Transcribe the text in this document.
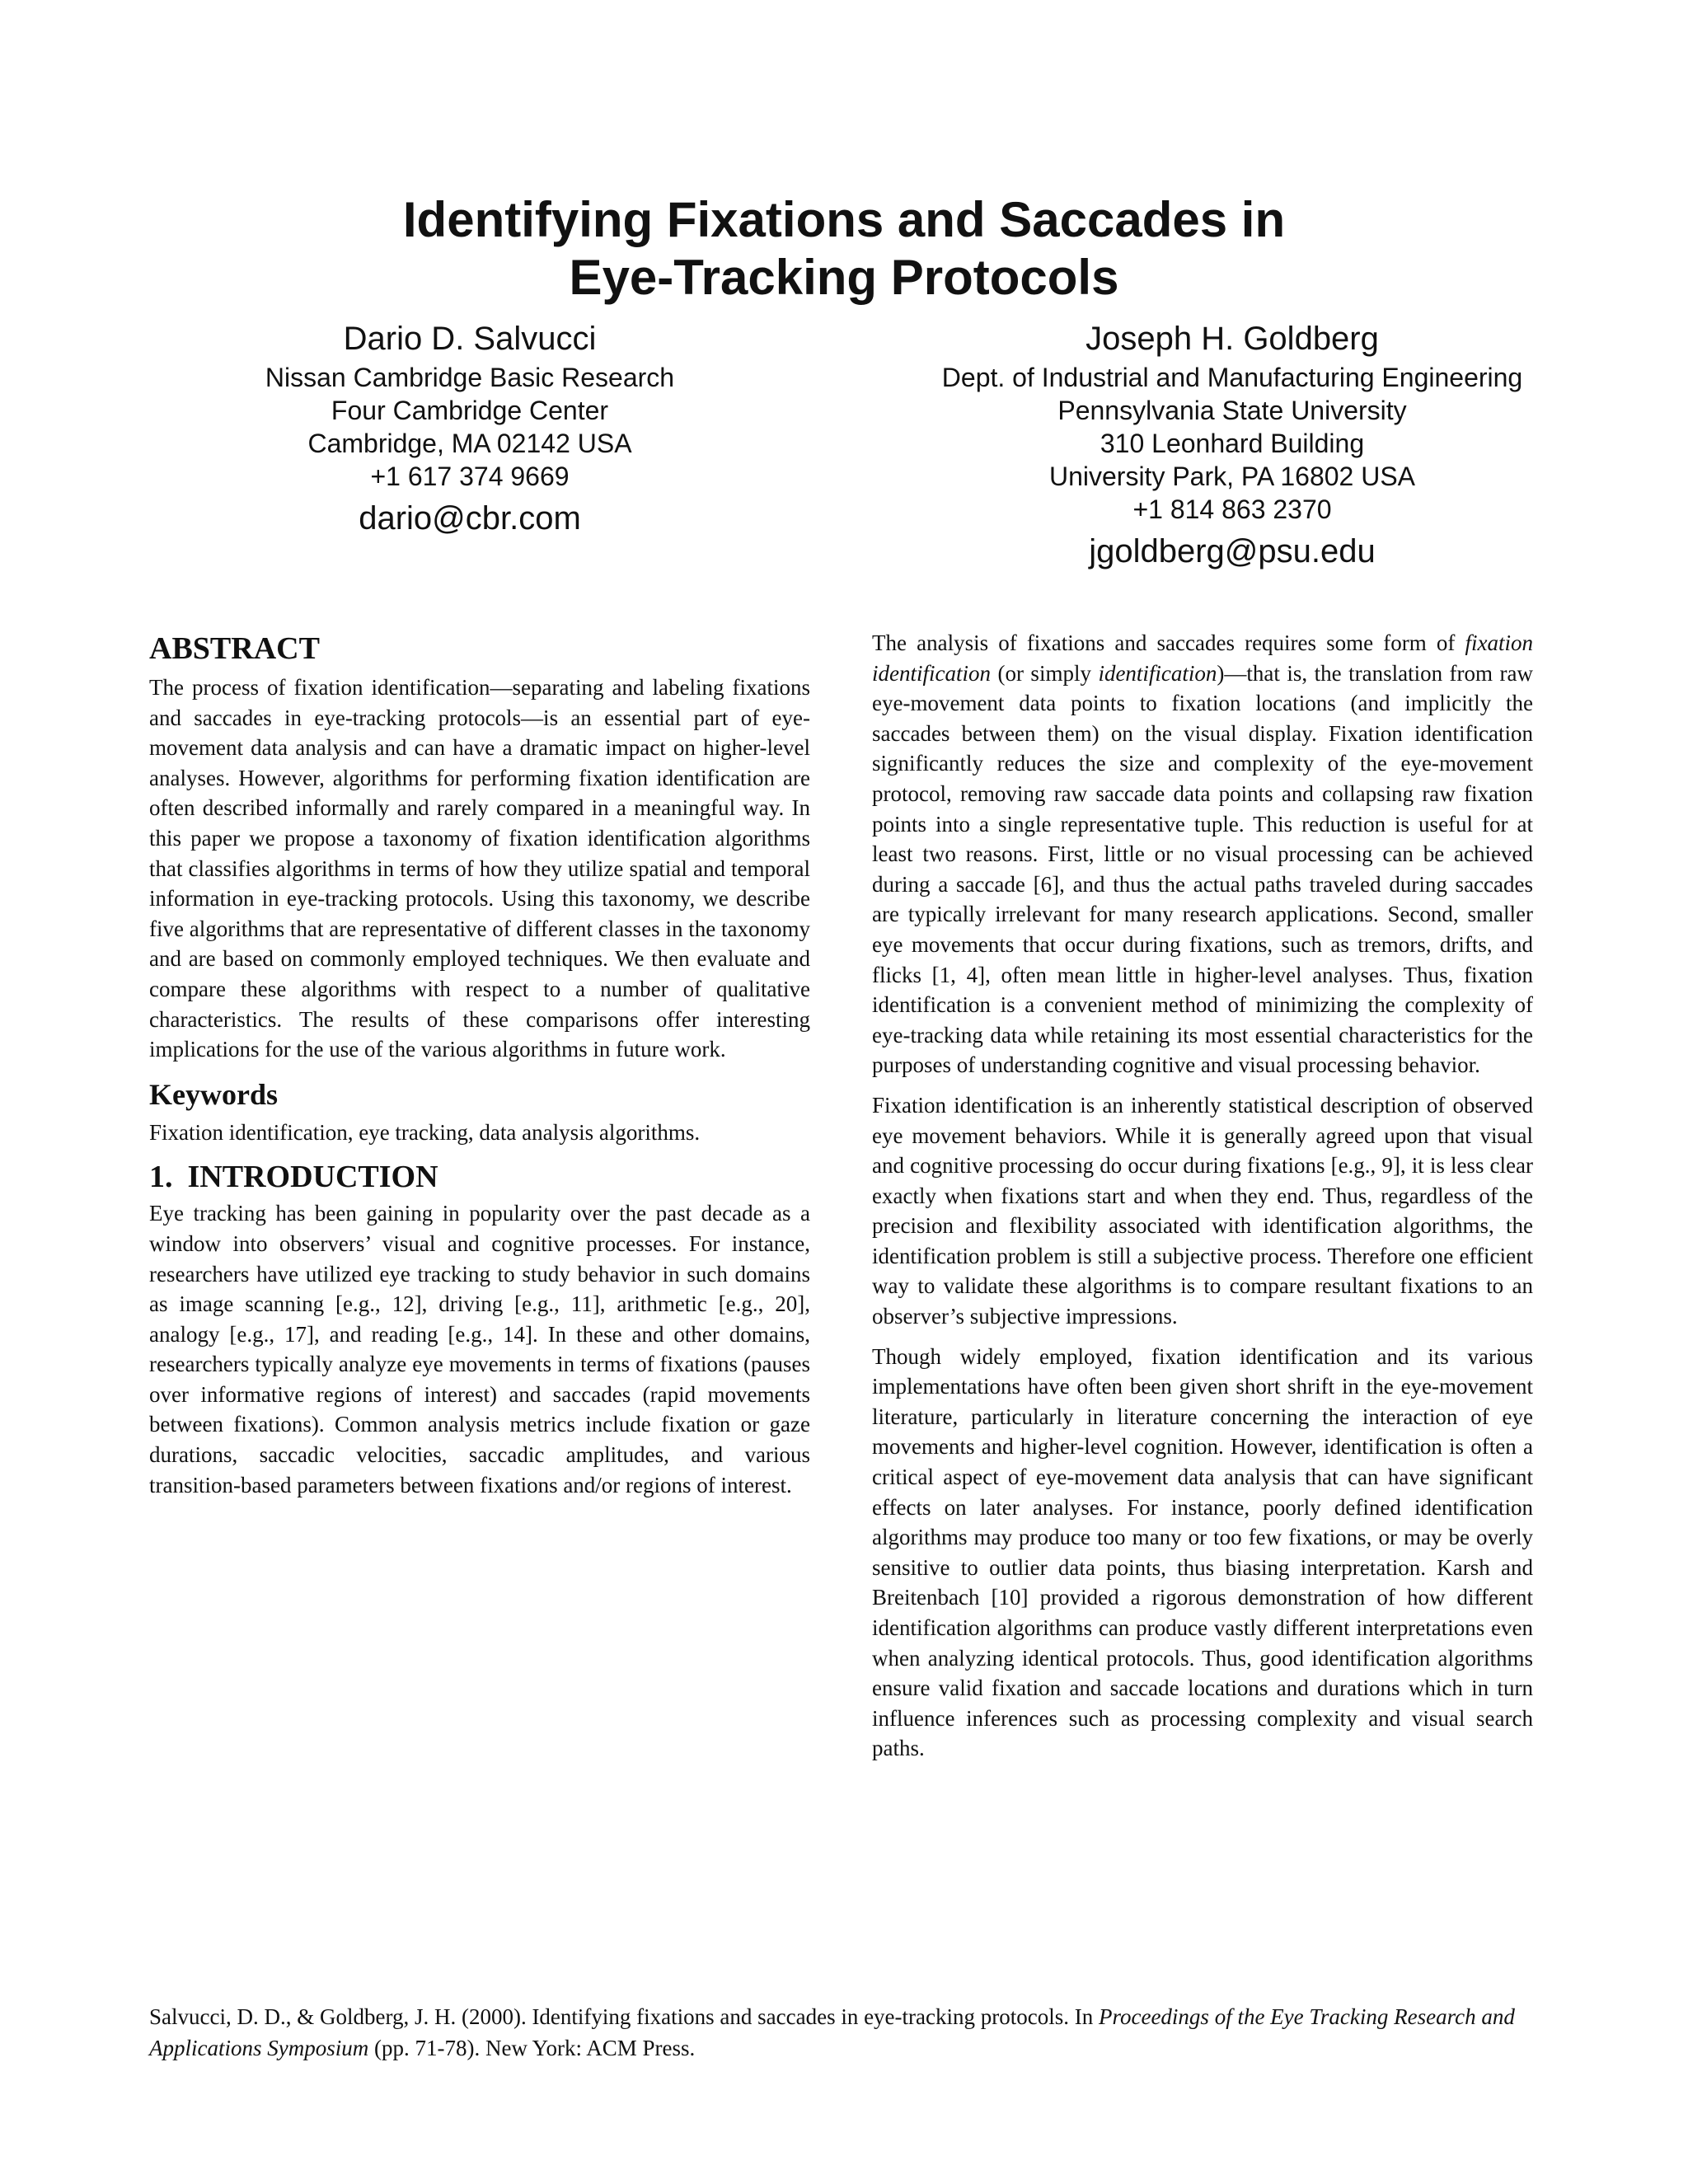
Identifying Fixations and Saccades in
Eye-Tracking Protocols
Dario D. Salvucci
Nissan Cambridge Basic Research
Four Cambridge Center
Cambridge, MA 02142 USA
+1 617 374 9669
dario@cbr.com
Joseph H. Goldberg
Dept. of Industrial and Manufacturing Engineering
Pennsylvania State University
310 Leonhard Building
University Park, PA 16802 USA
+1 814 863 2370
jgoldberg@psu.edu
ABSTRACT

The process of fixation identification—separating and labeling fixations and saccades in eye-tracking protocols—is an essential part of eye-movement data analysis and can have a dramatic impact on higher-level analyses. However, algorithms for performing fixation identification are often described informally and rarely compared in a meaningful way. In this paper we propose a taxonomy of fixation identification algorithms that classifies algorithms in terms of how they utilize spatial and temporal information in eye-tracking protocols. Using this taxonomy, we describe five algorithms that are representative of different classes in the taxonomy and are based on commonly employed techniques. We then evaluate and compare these algorithms with respect to a number of qualitative characteristics. The results of these comparisons offer interesting implications for the use of the various algorithms in future work.

Keywords

Fixation identification, eye tracking, data analysis algorithms.

1. INTRODUCTION

Eye tracking has been gaining in popularity over the past decade as a window into observers’ visual and cognitive processes. For instance, researchers have utilized eye tracking to study behavior in such domains as image scanning [e.g., 12], driving [e.g., 11], arithmetic [e.g., 20], analogy [e.g., 17], and reading [e.g., 14]. In these and other domains, researchers typically analyze eye movements in terms of fixations (pauses over informative regions of interest) and saccades (rapid movements between fixations). Common analysis metrics include fixation or gaze durations, saccadic velocities, saccadic amplitudes, and various transition-based parameters between fixations and/or regions of interest.

The analysis of fixations and saccades requires some form of fixation identification (or simply identification)—that is, the translation from raw eye-movement data points to fixation locations (and implicitly the saccades between them) on the visual display. Fixation identification significantly reduces the size and complexity of the eye-movement protocol, removing raw saccade data points and collapsing raw fixation points into a single representative tuple. This reduction is useful for at least two reasons. First, little or no visual processing can be achieved during a saccade [6], and thus the actual paths traveled during saccades are typically irrelevant for many research applications. Second, smaller eye movements that occur during fixations, such as tremors, drifts, and flicks [1, 4], often mean little in higher-level analyses. Thus, fixation identification is a convenient method of minimizing the complexity of eye-tracking data while retaining its most essential characteristics for the purposes of understanding cognitive and visual processing behavior.

Fixation identification is an inherently statistical description of observed eye movement behaviors. While it is generally agreed upon that visual and cognitive processing do occur during fixations [e.g., 9], it is less clear exactly when fixations start and when they end. Thus, regardless of the precision and flexibility associated with identification algorithms, the identification problem is still a subjective process. Therefore one efficient way to validate these algorithms is to compare resultant fixations to an observer’s subjective impressions.

Though widely employed, fixation identification and its various implementations have often been given short shrift in the eye-movement literature, particularly in literature concerning the interaction of eye movements and higher-level cognition. However, identification is often a critical aspect of eye-movement data analysis that can have significant effects on later analyses. For instance, poorly defined identification algorithms may produce too many or too few fixations, or may be overly sensitive to outlier data points, thus biasing interpretation. Karsh and Breitenbach [10] provided a rigorous demonstration of how different identification algorithms can produce vastly different interpretations even when analyzing identical protocols. Thus, good identification algorithms ensure valid fixation and saccade locations and durations which in turn influence inferences such as processing complexity and visual search paths.

Salvucci, D. D., & Goldberg, J. H. (2000). Identifying fixations and saccades in eye-tracking protocols. In Proceedings of the Eye Tracking Research and Applications Symposium (pp. 71-78). New York: ACM Press.
